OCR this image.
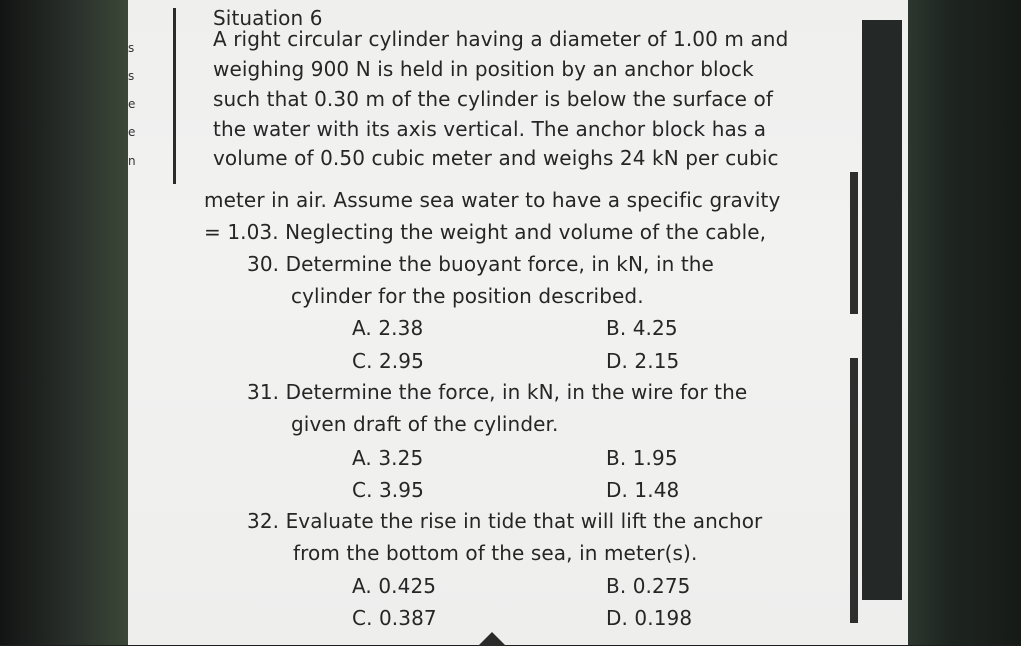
s
s
e
e
n
Situation 6
A right circular cylinder having a diameter of 1.00 m and
weighing 900 N is held in position by an anchor block
such that 0.30 m of the cylinder is below the surface of
the water with its axis vertical. The anchor block has a
volume of 0.50 cubic meter and weighs 24 kN per cubic
meter in air. Assume sea water to have a specific gravity
= 1.03. Neglecting the weight and volume of the cable,
30. Determine the buoyant force, in kN, in the
cylinder for the position described.
A. 2.38	B. 4.25
C. 2.95	D. 2.15
31. Determine the force, in kN, in the wire for the
given draft of the cylinder.
A. 3.25	B. 1.95
C. 3.95	D. 1.48
32. Evaluate the rise in tide that will lift the anchor
from the bottom of the sea, in meter(s).
A. 0.425	B. 0.275
C. 0.387	D. 0.198
